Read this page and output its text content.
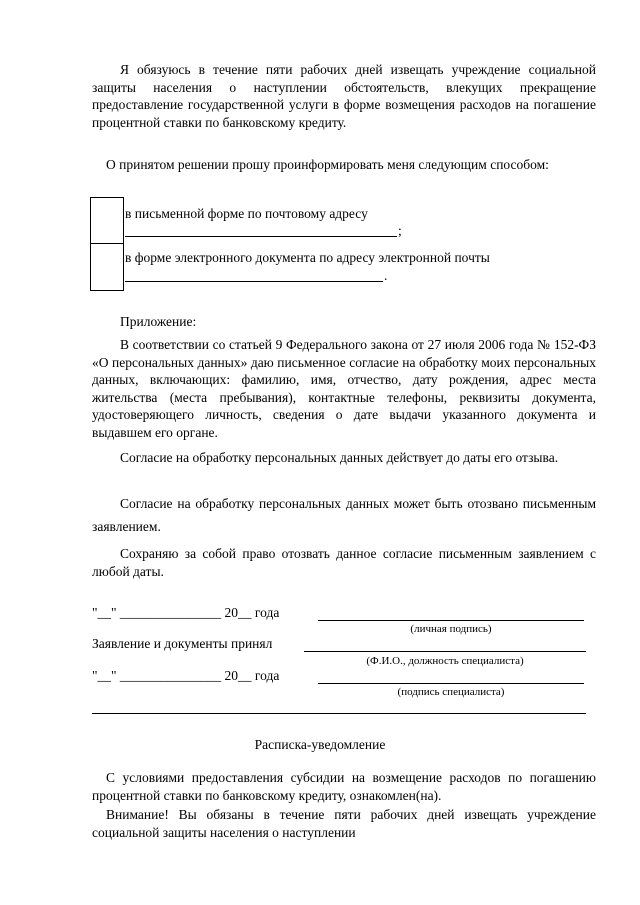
Я обязуюсь в течение пяти рабочих дней извещать учреждение социальной защиты населения о наступлении обстоятельств, влекущих прекращение предоставление государственной услуги в форме возмещения расходов на погашение процентной ставки по банковскому кредиту.
О принятом решении прошу проинформировать меня следующим способом:
в письменной форме по почтовому адресу
;
в форме электронного документа по адресу электронной почты
.
Приложение:
В соответствии со статьей 9 Федерального закона от 27 июля 2006 года № 152-ФЗ «О персональных данных» даю письменное согласие на обработку моих персональных данных, включающих: фамилию, имя, отчество, дату рождения, адрес места жительства (места пребывания), контактные телефоны, реквизиты документа, удостоверяющего личность, сведения о дате выдачи указанного документа и выдавшем его органе.
Согласие на обработку персональных данных действует до даты его отзыва.
Согласие на обработку персональных данных может быть отозвано письменным заявлением.
Сохраняю за собой право отозвать данное согласие письменным заявлением с любой даты.
"__" _______________ 20__ года
(личная подпись)
Заявление и документы принял
(Ф.И.О., должность специалиста)
"__" _______________ 20__ года
(подпись специалиста)
Расписка-уведомление
С условиями предоставления субсидии на возмещение расходов по погашению процентной ставки по банковскому кредиту, ознакомлен(на).
Внимание! Вы обязаны в течение пяти рабочих дней извещать учреждение социальной защиты населения о наступлении
